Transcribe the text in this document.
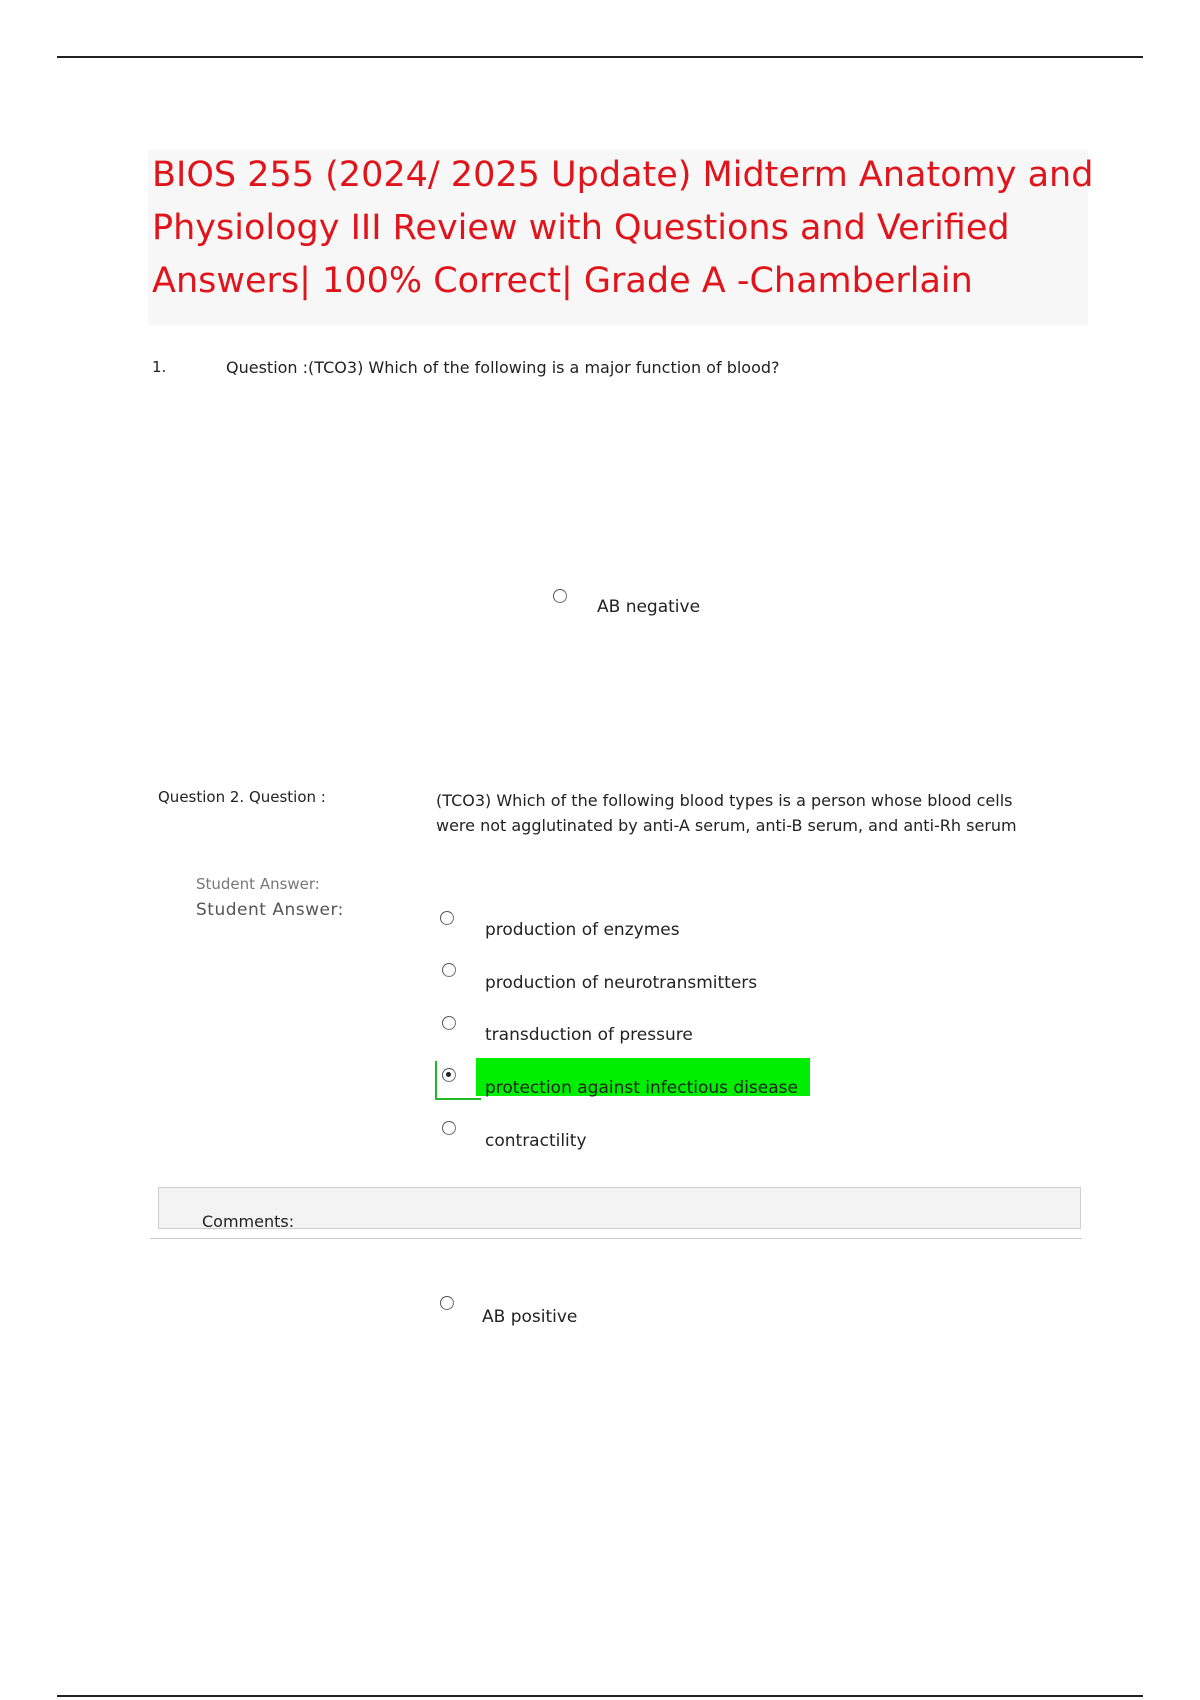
BIOS 255 (2024/ 2025 Update) Midterm Anatomy and
Physiology III Review with Questions and Verified
Answers| 100% Correct| Grade A -Chamberlain
1.	Question :(TCO3) Which of the following is a major function of blood?
AB negative
Question 2. Question :	(TCO3) Which of the following blood types is a person whose blood cells were not agglutinated by anti-A serum, anti-B serum, and anti-Rh serum
Student Answer:
Student Answer:
production of enzymes
production of neurotransmitters
transduction of pressure
protection against infectious disease
contractility
Comments:
AB positive
